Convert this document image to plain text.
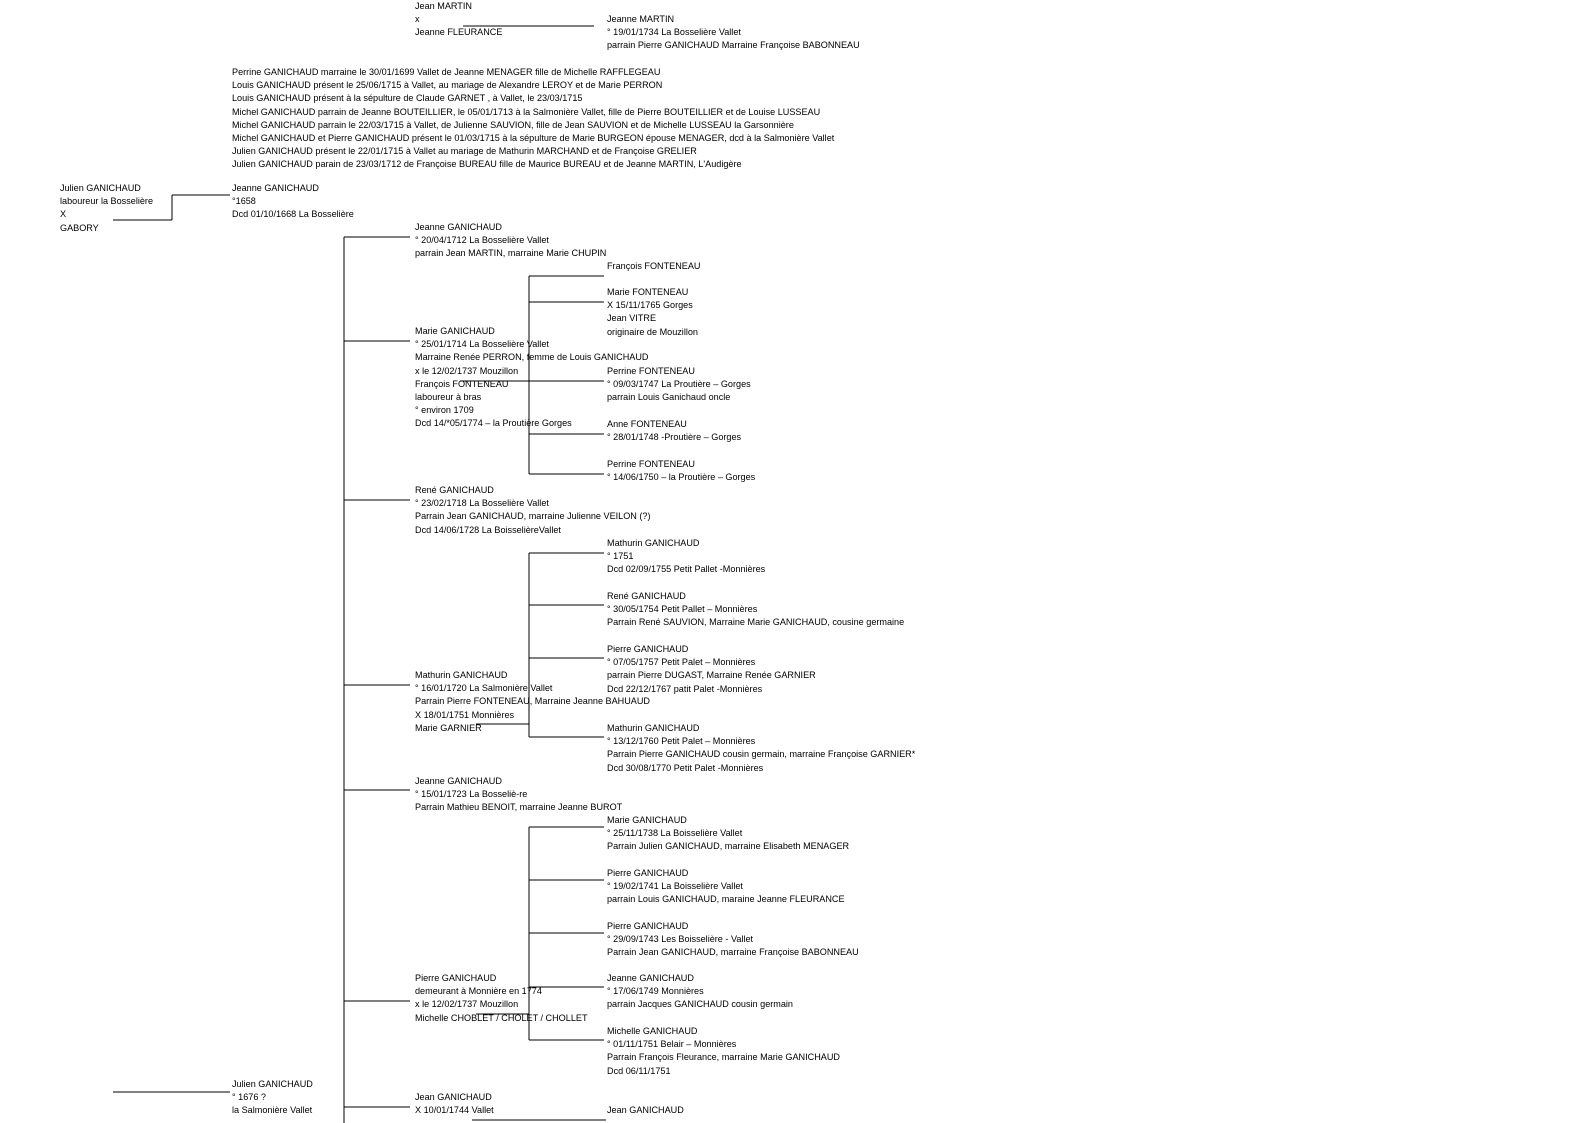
Jean MARTIN
x
Jeanne FLEURANCE
Jeanne MARTIN
° 19/01/1734 La Bosselière Vallet
parrain Pierre GANICHAUD Marraine Françoise BABONNEAU
Perrine GANICHAUD marraine le 30/01/1699 Vallet de Jeanne MENAGER fille de Michelle RAFFLEGEAU
Louis GANICHAUD présent le 25/06/1715 à Vallet, au mariage de Alexandre LEROY et de Marie PERRON
Louis GANICHAUD présent à la sépulture de Claude GARNET , à Vallet, le 23/03/1715
Michel GANICHAUD parrain de Jeanne BOUTEILLIER, le 05/01/1713 à la Salmonière Vallet, fille de Pierre BOUTEILLIER et de Louise LUSSEAU
Michel GANICHAUD parrain le 22/03/1715 à Vallet, de Julienne SAUVION, fille de Jean SAUVION et de Michelle LUSSEAU la Garsonnière
Michel GANICHAUD et Pierre GANICHAUD présent le 01/03/1715 à la sépulture de Marie BURGEON épouse MENAGER, dcd à la Salmonière Vallet
Julien GANICHAUD présent le 22/01/1715 à Vallet au mariage de Mathurin MARCHAND et de Françoise GRELIER
Julien GANICHAUD parain de 23/03/1712 de Françoise BUREAU fille de Maurice BUREAU et de Jeanne MARTIN, L'Audigère
Julien GANICHAUD
laboureur la Bosselière
X
GABORY
Jeanne GANICHAUD
°1658
Dcd 01/10/1668 La Bosselière
Jeanne GANICHAUD
° 20/04/1712 La Bosselière Vallet
parrain Jean MARTIN, marraine Marie CHUPIN
François FONTENEAU
Marie FONTENEAU
X 15/11/1765 Gorges
Jean VITRE
originaire de Mouzillon
Marie GANICHAUD
° 25/01/1714 La Bosselière Vallet
Marraine Renée PERRON, femme de Louis GANICHAUD
x le 12/02/1737 Mouzillon
François FONTENEAU
laboureur à bras
° environ 1709
Dcd 14/*05/1774 – la Proutière Gorges
Perrine FONTENEAU
° 09/03/1747 La Proutière – Gorges
parrain Louis Ganichaud oncle
Anne FONTENEAU
° 28/01/1748 -Proutière – Gorges
Perrine FONTENEAU
° 14/06/1750 – la Proutière – Gorges
René GANICHAUD
° 23/02/1718 La Bosselière Vallet
Parrain Jean GANICHAUD, marraine Julienne VEILON (?)
Dcd 14/06/1728 La BoisselièreVallet
Mathurin GANICHAUD
° 1751
Dcd 02/09/1755 Petit Pallet -Monnières
René GANICHAUD
° 30/05/1754 Petit Pallet – Monnières
Parrain René SAUVION, Marraine Marie GANICHAUD, cousine germaine
Pierre GANICHAUD
° 07/05/1757 Petit Palet – Monnières
parrain Pierre DUGAST, Marraine Renée GARNIER
Dcd 22/12/1767 patit Palet -Monnières
Mathurin GANICHAUD
° 16/01/1720 La Salmonière Vallet
Parrain Pierre FONTENEAU, Marraine Jeanne BAHUAUD
X 18/01/1751 Monnières
Marie GARNIER	Mathurin GANICHAUD
° 13/12/1760 Petit Palet – Monnières
Parrain Pierre GANICHAUD cousin germain, marraine Françoise GARNIER*
Dcd 30/08/1770 Petit Palet -Monnières
Jeanne GANICHAUD
° 15/01/1723 La Bosseliè-re
Parrain Mathieu BENOIT, marraine Jeanne BUROT
Marie GANICHAUD
° 25/11/1738 La Boisselière Vallet
Parrain Julien GANICHAUD, marraine Elisabeth MENAGER
Pierre GANICHAUD
° 19/02/1741 La Boisselière Vallet
parrain Louis GANICHAUD, maraine Jeanne FLEURANCE
Pierre GANICHAUD
° 29/09/1743 Les Boisselière - Vallet
Parrain Jean GANICHAUD, marraine Françoise BABONNEAU
Pierre GANICHAUD
demeurant à Monnière en 1774
x le 12/02/1737 Mouzillon
Michelle CHOBLET / CHOLET / CHOLLET
Jeanne GANICHAUD
° 17/06/1749 Monnières
parrain Jacques GANICHAUD cousin germain
Michelle GANICHAUD
° 01/11/1751 Belair – Monnières
Parrain François Fleurance, marraine Marie GANICHAUD
Dcd 06/11/1751
Julien GANICHAUD
° 1676 ?
la Salmonière Vallet
Jean GANICHAUD
X 10/01/1744 Vallet	Jean GANICHAUD
